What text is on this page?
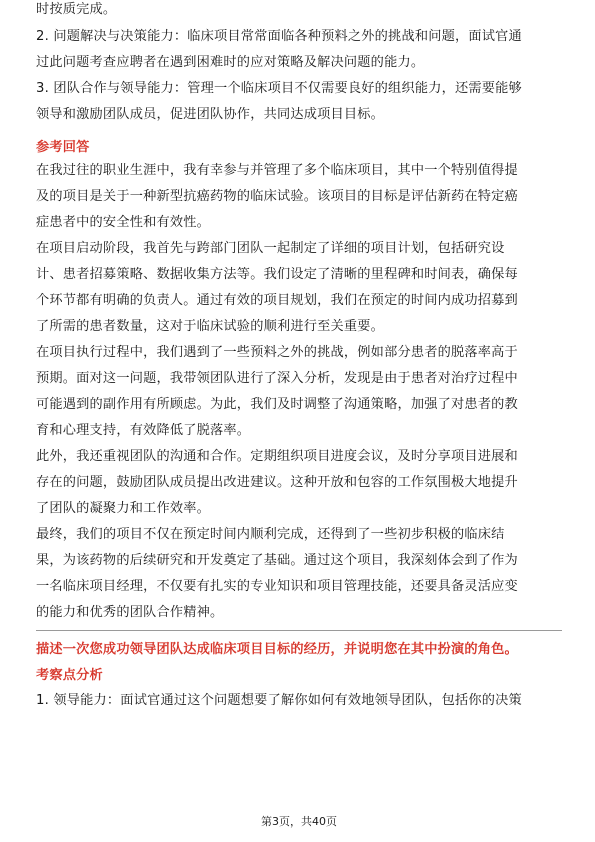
时按质完成。
2. 问题解决与决策能力：临床项目常常面临各种预料之外的挑战和问题，面试官通
过此问题考查应聘者在遇到困难时的应对策略及解决问题的能力。
3. 团队合作与领导能力：管理一个临床项目不仅需要良好的组织能力，还需要能够
领导和激励团队成员，促进团队协作，共同达成项目目标。
参考回答
在我过往的职业生涯中，我有幸参与并管理了多个临床项目，其中一个特别值得提
及的项目是关于一种新型抗癌药物的临床试验。该项目的目标是评估新药在特定癌
症患者中的安全性和有效性。
在项目启动阶段，我首先与跨部门团队一起制定了详细的项目计划，包括研究设
计、患者招募策略、数据收集方法等。我们设定了清晰的里程碑和时间表，确保每
个环节都有明确的负责人。通过有效的项目规划，我们在预定的时间内成功招募到
了所需的患者数量，这对于临床试验的顺利进行至关重要。
在项目执行过程中，我们遇到了一些预料之外的挑战，例如部分患者的脱落率高于
预期。面对这一问题，我带领团队进行了深入分析，发现是由于患者对治疗过程中
可能遇到的副作用有所顾虑。为此，我们及时调整了沟通策略，加强了对患者的教
育和心理支持，有效降低了脱落率。
此外，我还重视团队的沟通和合作。定期组织项目进度会议，及时分享项目进展和
存在的问题，鼓励团队成员提出改进建议。这种开放和包容的工作氛围极大地提升
了团队的凝聚力和工作效率。
最终，我们的项目不仅在预定时间内顺利完成，还得到了一些初步积极的临床结
果，为该药物的后续研究和开发奠定了基础。通过这个项目，我深刻体会到了作为
一名临床项目经理，不仅要有扎实的专业知识和项目管理技能，还要具备灵活应变
的能力和优秀的团队合作精神。
描述一次您成功领导团队达成临床项目目标的经历，并说明您在其中扮演的角色。
考察点分析
1. 领导能力：面试官通过这个问题想要了解你如何有效地领导团队，包括你的决策
第3页，共40页
